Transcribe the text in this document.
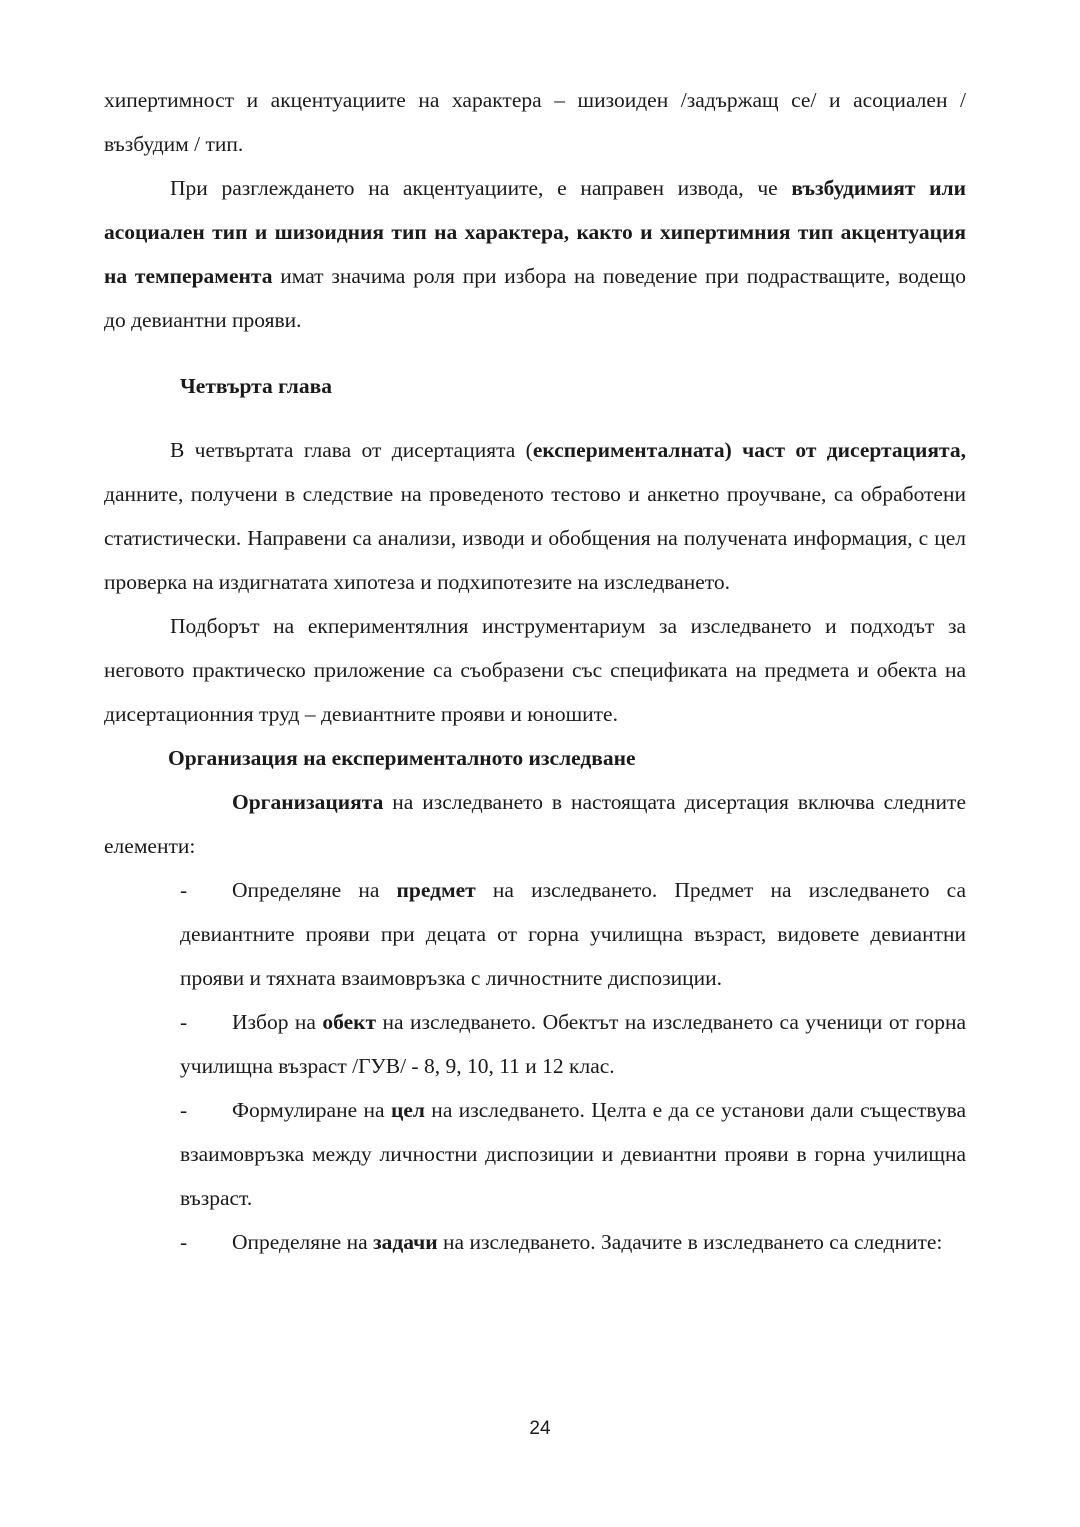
хипертимност и акцентуациите на характера – шизоиден /задържащ се/ и асоциален /възбудим / тип.

При разглеждането на акцентуациите, е направен извода, че възбудимият или асоциален тип и шизоидния тип на характера, както и хипертимния тип акцентуация на темперамента имат значима роля при избора на поведение при подрастващите, водещо до девиантни прояви.

Четвърта глава

В четвъртата глава от дисертацията (експерименталната) част от дисертацията, данните, получени в следствие на проведеното тестово и анкетно проучване, са обработени статистически. Направени са анализи, изводи и обобщения на получената информация, с цел проверка на издигнатата хипотеза и подхипотезите на изследването.

Подборът на екпериментялния инструментариум за изследването и подходът за неговото практическо приложение са съобразени със спецификата на предмета и обекта на дисертационния труд – девиантните прояви и юношите.

Организация на експерименталното изследване

Организацията на изследването в настоящата дисертация включва следните елементи:

-	Определяне на предмет на изследването. Предмет на изследването са девиантните прояви при децата от горна училищна възраст, видовете девиантни прояви и тяхната взаимовръзка с личностните диспозиции.

-	Избор на обект на изследването. Обектът на изследването са ученици от горна училищна възраст /ГУВ/ - 8, 9, 10, 11 и 12 клас.

-	Формулиране на цел на изследването. Целта е да се установи дали съществува взаимовръзка между личностни диспозиции и девиантни прояви в горна училищна възраст.

-	Определяне на задачи на изследването. Задачите в изследването са следните:

24
